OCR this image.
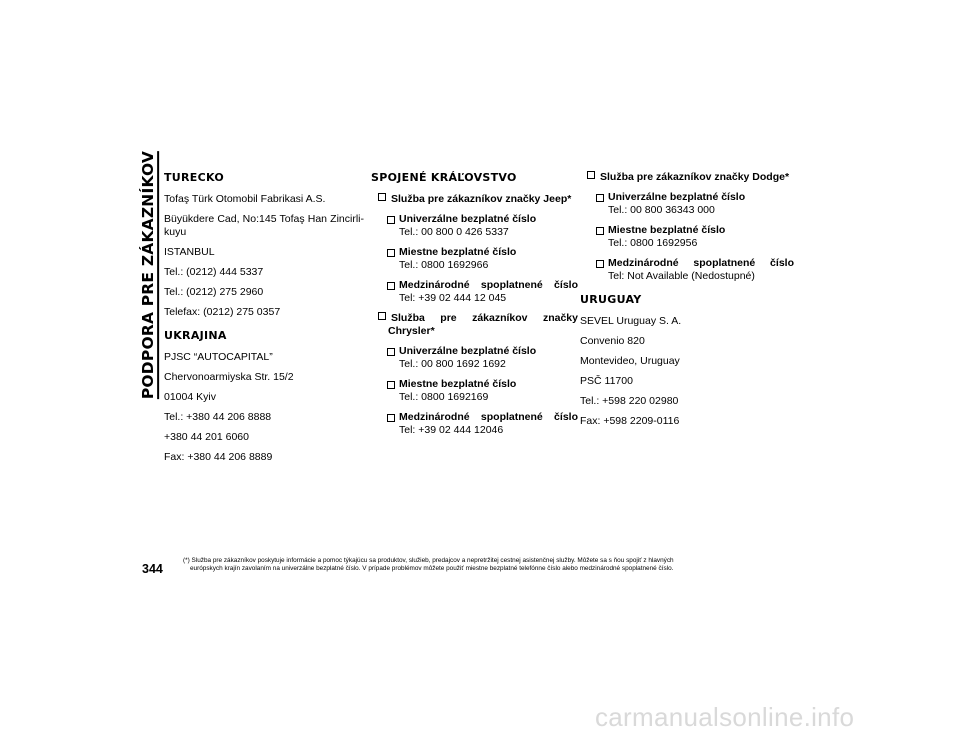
PODPORA PRE ZÁKAZNÍKOV TURECKO

Tofaş Türk Otomobil Fabrikasi A.S.

Büyükdere Cad, No:145 Tofaş Han Zincirli-kuyu

ISTANBUL

Tel.: (0212) 444 5337

Tel.: (0212) 275 2960

Telefax: (0212) 275 0357

UKRAJINA

PJSC “AUTOCAPITAL”

Chervonoarmiyska Str. 15/2

01004 Kyiv

Tel.: +380 44 206 8888

+380 44 201 6060

Fax: +380 44 206 8889

SPOJENÉ KRÁĽOVSTVO
Služba pre zákazníkov značky Jeep*
Univerzálne bezplatné číslo
Tel.: 00 800 0 426 5337
Miestne bezplatné číslo
Tel.: 0800 1692966
Medzinárodné spoplatnené číslo
Tel: +39 02 444 12 045
Služba pre zákazníkov značky
Chrysler*
Univerzálne bezplatné číslo
Tel.: 00 800 1692 1692
Miestne bezplatné číslo
Tel.: 0800 1692169
Medzinárodné spoplatnené číslo
Tel: +39 02 444 12046
Služba pre zákazníkov značky Dodge*
Univerzálne bezplatné číslo
Tel.: 00 800 36343 000
Miestne bezplatné číslo
Tel.: 0800 1692956
Medzinárodné spoplatnené číslo
Tel: Not Available (Nedostupné)
URUGUAY

SEVEL Uruguay S. A.

Convenio 820

Montevideo, Uruguay

PSČ 11700

Tel.: +598 220 02980

Fax: +598 2209-0116

344
(*) Služba pre zákazníkov poskytuje informácie a pomoc týkajúcu sa produktov, služieb, predajcov a nepretržitej cestnej asistenčnej služby. Môžete sa s ňou spojiť z hlavných
európskych krajín zavolaním na univerzálne bezplatné číslo. V prípade problémov môžete použiť miestne bezplatné telefónne číslo alebo medzinárodné spoplatnené číslo.
carmanualsonline.info
